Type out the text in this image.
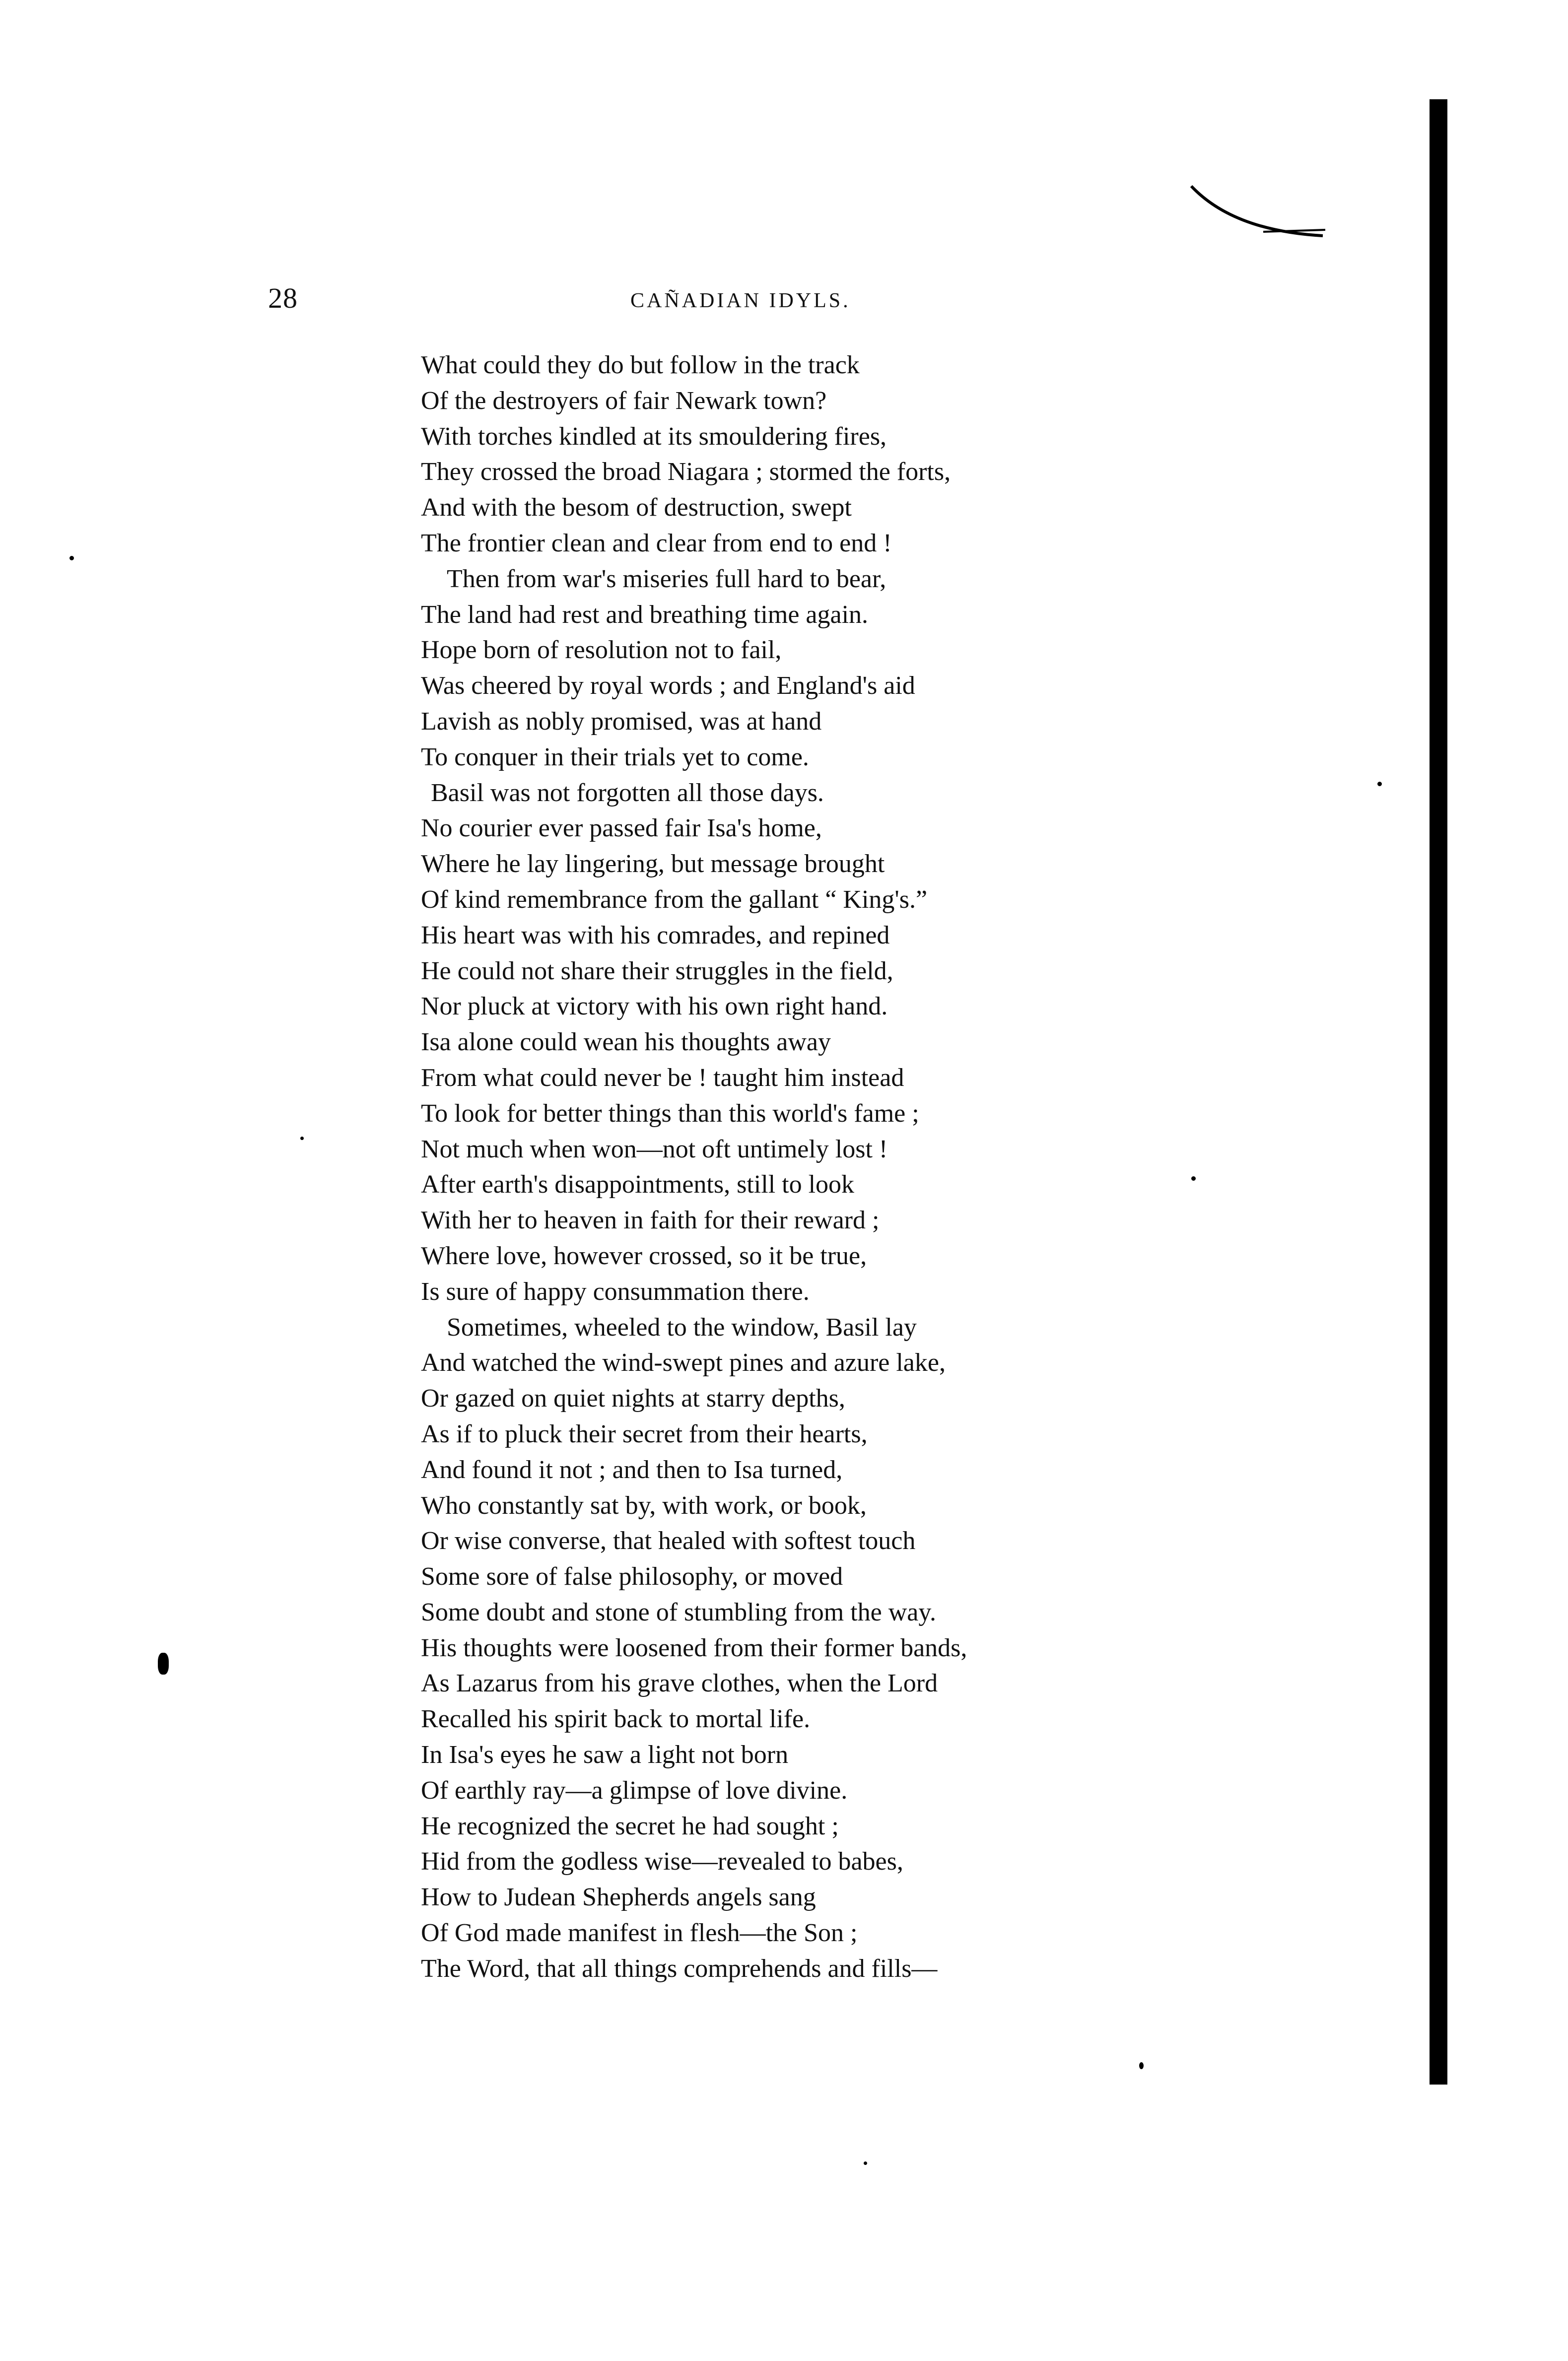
28	CAÑADIAN IDYLS.
What could they do but follow in the track
Of the destroyers of fair Newark town?
With torches kindled at its smouldering fires,
They crossed the broad Niagara ; stormed the forts,
And with the besom of destruction, swept
The frontier clean and clear from end to end !
Then from war's miseries full hard to bear,
The land had rest and breathing time again.
Hope born of resolution not to fail,
Was cheered by royal words ; and England's aid
Lavish as nobly promised, was at hand
To conquer in their trials yet to come.
Basil was not forgotten all those days.
No courier ever passed fair Isa's home,
Where he lay lingering, but message brought
Of kind remembrance from the gallant “ King's.”
His heart was with his comrades, and repined
He could not share their struggles in the field,
Nor pluck at victory with his own right hand.
Isa alone could wean his thoughts away
From what could never be ! taught him instead
To look for better things than this world's fame ;
Not much when won—not oft untimely lost !
After earth's disappointments, still to look
With her to heaven in faith for their reward ;
Where love, however crossed, so it be true,
Is sure of happy consummation there.
Sometimes, wheeled to the window, Basil lay
And watched the wind-swept pines and azure lake,
Or gazed on quiet nights at starry depths,
As if to pluck their secret from their hearts,
And found it not ; and then to Isa turned,
Who constantly sat by, with work, or book,
Or wise converse, that healed with softest touch
Some sore of false philosophy, or moved
Some doubt and stone of stumbling from the way.
His thoughts were loosened from their former bands,
As Lazarus from his grave clothes, when the Lord
Recalled his spirit back to mortal life.
In Isa's eyes he saw a light not born
Of earthly ray—a glimpse of love divine.
He recognized the secret he had sought ;
Hid from the godless wise—revealed to babes,
How to Judean Shepherds angels sang
Of God made manifest in flesh—the Son ;
The Word, that all things comprehends and fills—
